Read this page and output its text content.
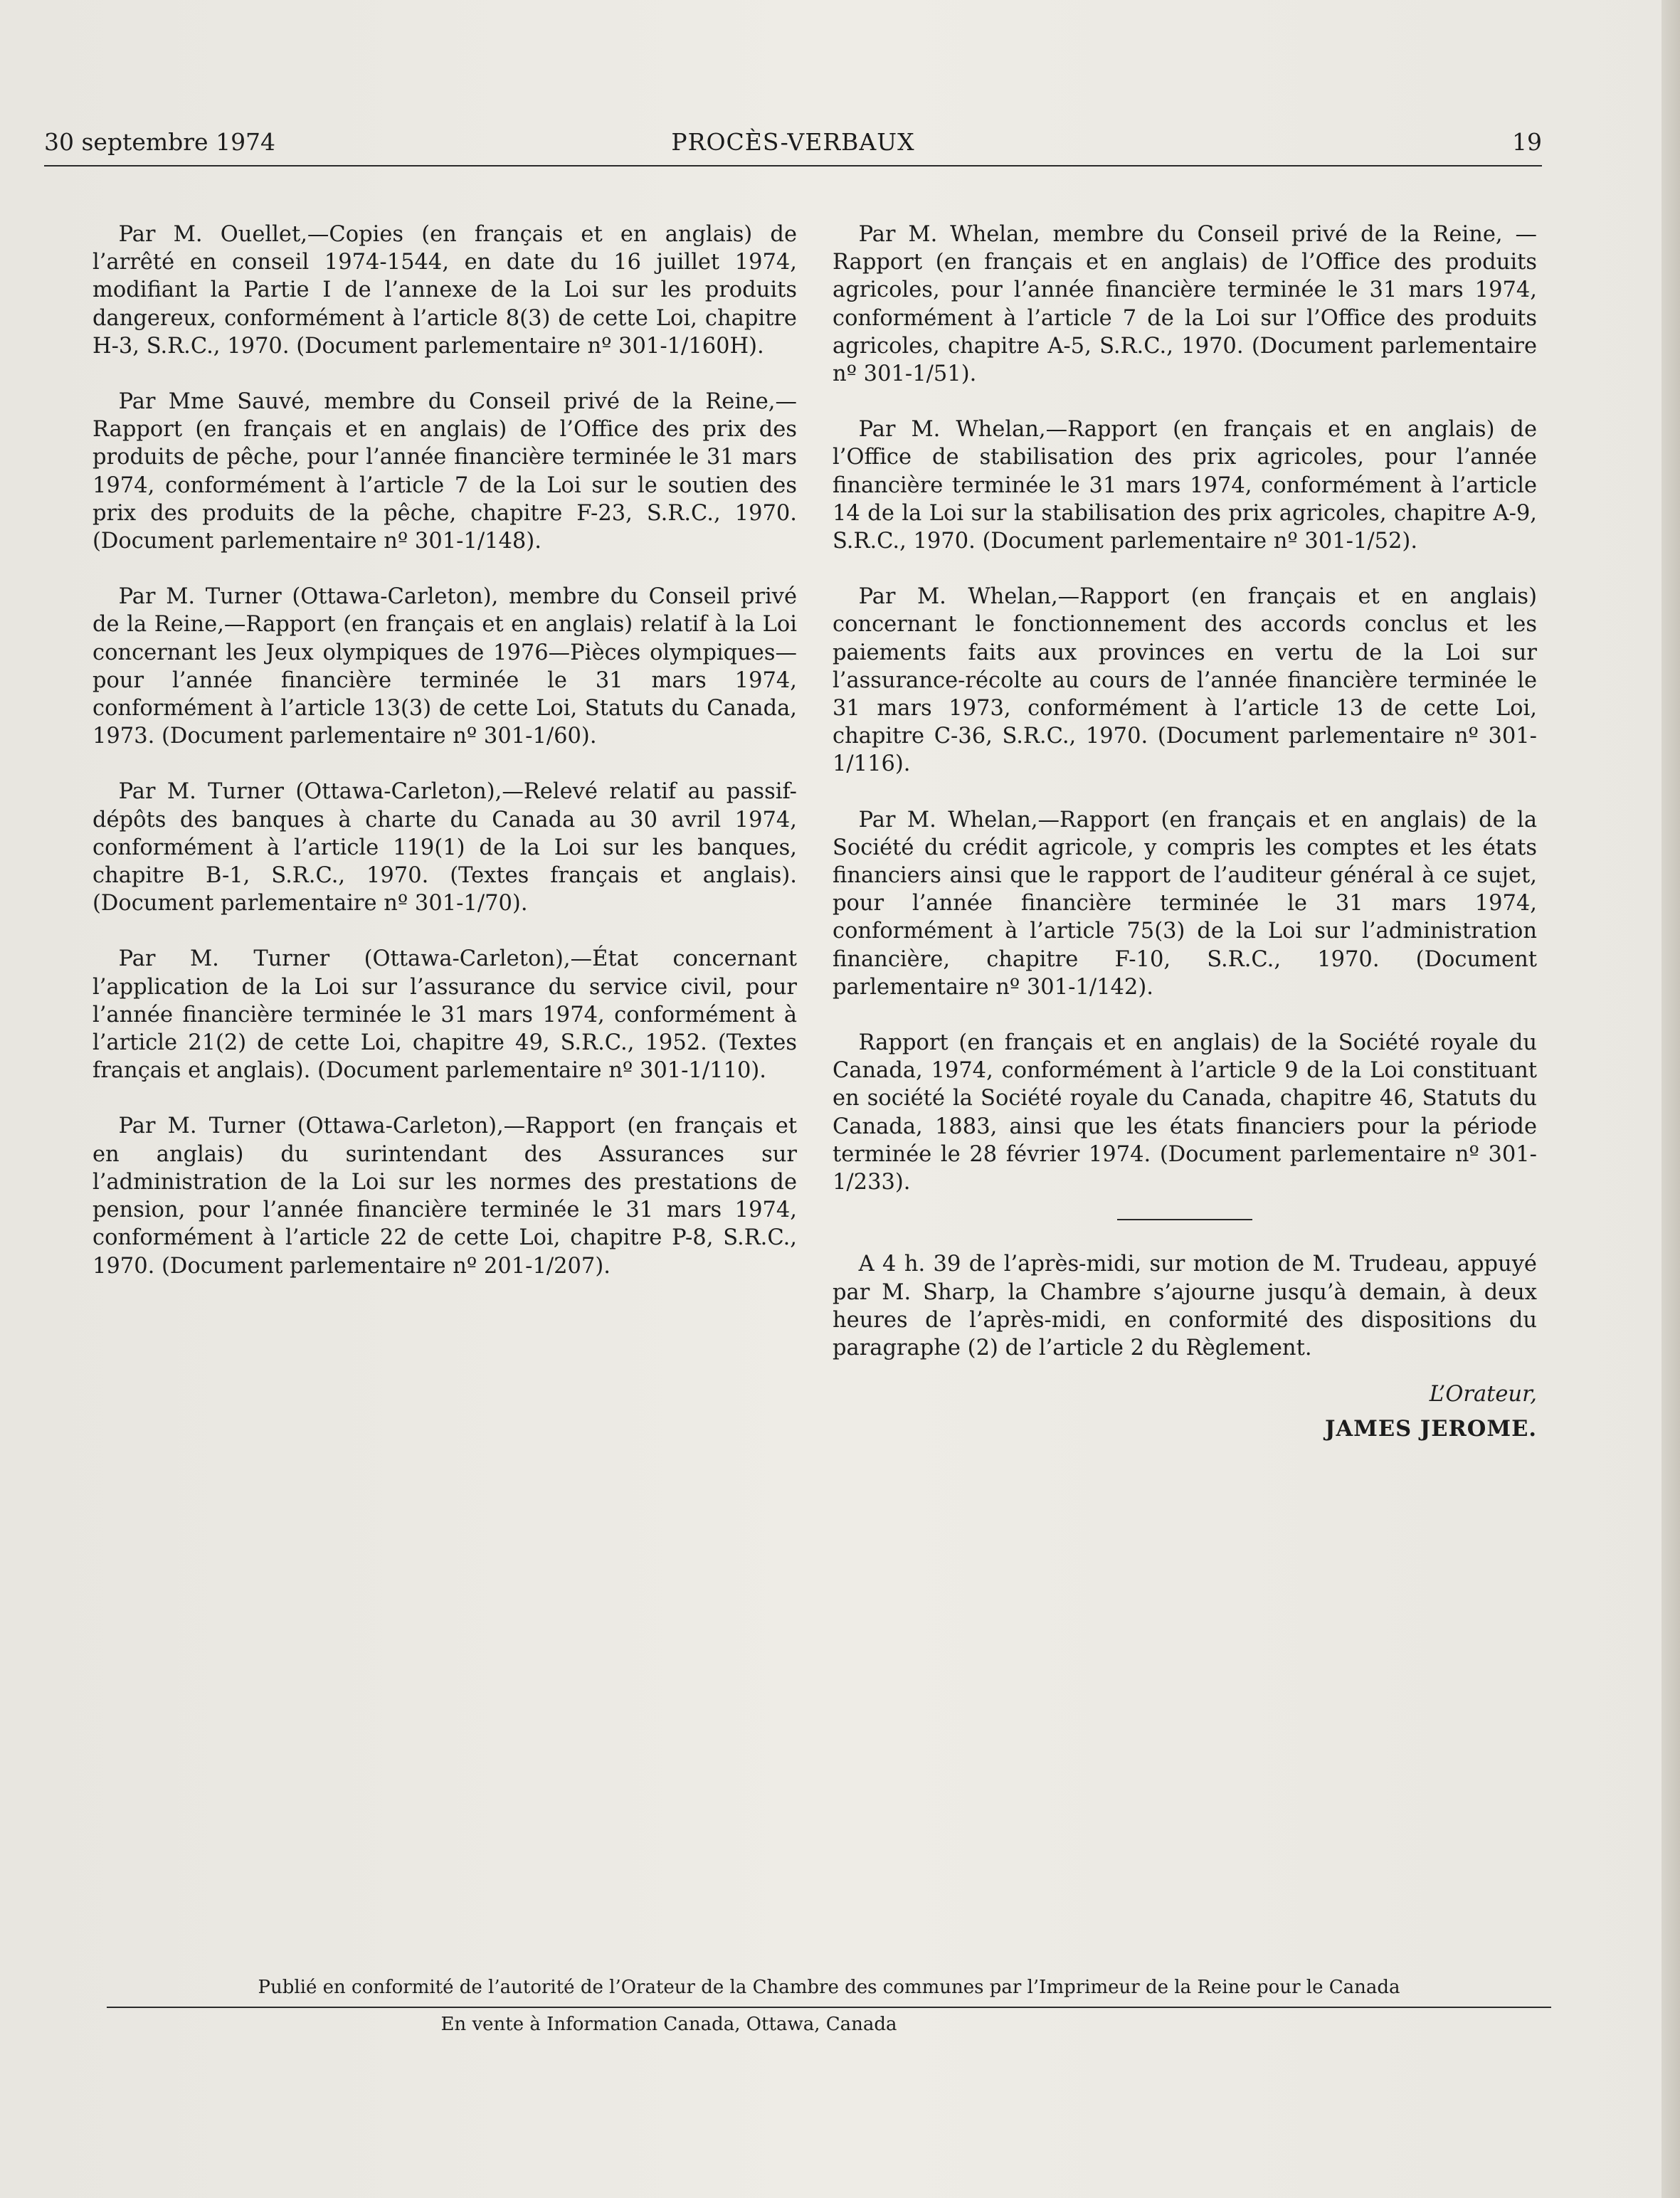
30 septembre 1974	PROCÈS-VERBAUX	19

Par M. Ouellet,—Copies (en français et en anglais) de l’arrêté en conseil 1974-1544, en date du 16 juillet 1974, modifiant la Partie I de l’annexe de la Loi sur les produits dangereux, conformément à l’article 8(3) de cette Loi, chapitre H-3, S.R.C., 1970. (Document parlementaire nº 301-1/160H).

Par Mme Sauvé, membre du Conseil privé de la Reine,—Rapport (en français et en anglais) de l’Office des prix des produits de pêche, pour l’année financière terminée le 31 mars 1974, conformément à l’article 7 de la Loi sur le soutien des prix des produits de la pêche, chapitre F-23, S.R.C., 1970. (Document parlementaire nº 301-1/148).

Par M. Turner (Ottawa-Carleton), membre du Conseil privé de la Reine,—Rapport (en français et en anglais) relatif à la Loi concernant les Jeux olympiques de 1976—Pièces olympiques—pour l’année financière terminée le 31 mars 1974, conformément à l’article 13(3) de cette Loi, Statuts du Canada, 1973. (Document parlementaire nº 301-1/60).

Par M. Turner (Ottawa-Carleton),—Relevé relatif au passif-dépôts des banques à charte du Canada au 30 avril 1974, conformément à l’article 119(1) de la Loi sur les banques, chapitre B-1, S.R.C., 1970. (Textes français et anglais). (Document parlementaire nº 301-1/70).

Par M. Turner (Ottawa-Carleton),—État concernant l’application de la Loi sur l’assurance du service civil, pour l’année financière terminée le 31 mars 1974, conformément à l’article 21(2) de cette Loi, chapitre 49, S.R.C., 1952. (Textes français et anglais). (Document parlementaire nº 301-1/110).

Par M. Turner (Ottawa-Carleton),—Rapport (en français et en anglais) du surintendant des Assurances sur l’administration de la Loi sur les normes des prestations de pension, pour l’année financière terminée le 31 mars 1974, conformément à l’article 22 de cette Loi, chapitre P-8, S.R.C., 1970. (Document parlementaire nº 201-1/207).

Par M. Whelan, membre du Conseil privé de la Reine, —Rapport (en français et en anglais) de l’Office des produits agricoles, pour l’année financière terminée le 31 mars 1974, conformément à l’article 7 de la Loi sur l’Office des produits agricoles, chapitre A-5, S.R.C., 1970. (Document parlementaire nº 301-1/51).

Par M. Whelan,—Rapport (en français et en anglais) de l’Office de stabilisation des prix agricoles, pour l’année financière terminée le 31 mars 1974, conformément à l’article 14 de la Loi sur la stabilisation des prix agricoles, chapitre A-9, S.R.C., 1970. (Document parlementaire nº 301-1/52).

Par M. Whelan,—Rapport (en français et en anglais) concernant le fonctionnement des accords conclus et les paiements faits aux provinces en vertu de la Loi sur l’assurance-récolte au cours de l’année financière terminée le 31 mars 1973, conformément à l’article 13 de cette Loi, chapitre C-36, S.R.C., 1970. (Document parlementaire nº 301-1/116).

Par M. Whelan,—Rapport (en français et en anglais) de la Société du crédit agricole, y compris les comptes et les états financiers ainsi que le rapport de l’auditeur général à ce sujet, pour l’année financière terminée le 31 mars 1974, conformément à l’article 75(3) de la Loi sur l’administration financière, chapitre F-10, S.R.C., 1970. (Document parlementaire nº 301-1/142).

Rapport (en français et en anglais) de la Société royale du Canada, 1974, conformément à l’article 9 de la Loi constituant en société la Société royale du Canada, chapitre 46, Statuts du Canada, 1883, ainsi que les états financiers pour la période terminée le 28 février 1974. (Document parlementaire nº 301-1/233).

A 4 h. 39 de l’après-midi, sur motion de M. Trudeau, appuyé par M. Sharp, la Chambre s’ajourne jusqu’à demain, à deux heures de l’après-midi, en conformité des dispositions du paragraphe (2) de l’article 2 du Règlement.

L’Orateur,
JAMES JEROME.
Publié en conformité de l’autorité de l’Orateur de la Chambre des communes par l’Imprimeur de la Reine pour le Canada
En vente à Information Canada, Ottawa, Canada
